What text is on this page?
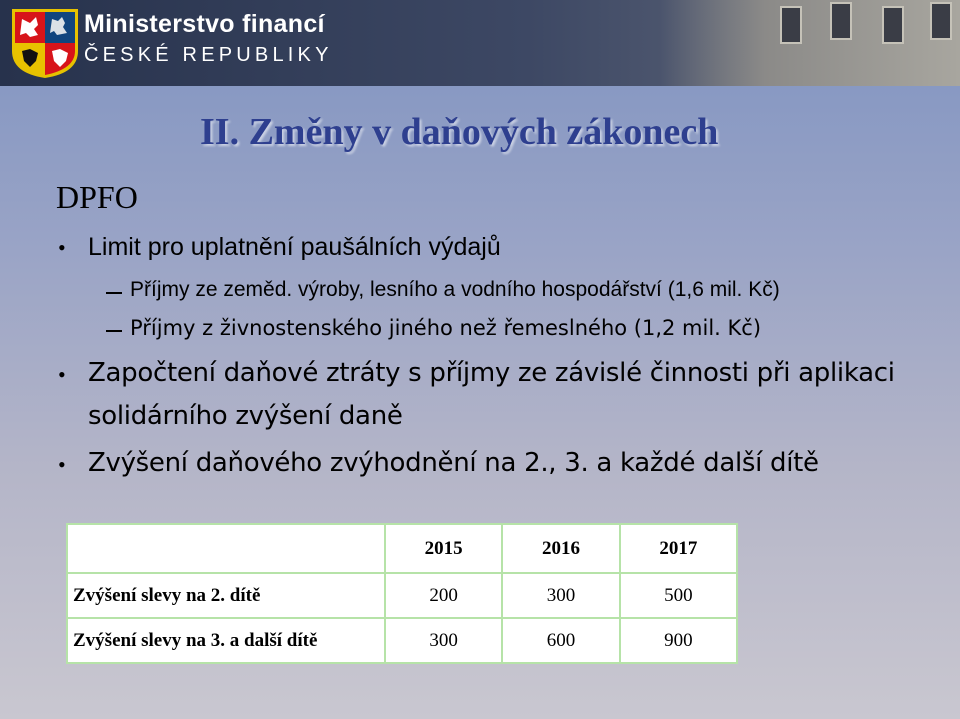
Ministerstvo financí
ČESKÉ REPUBLIKY
II. Změny v daňových zákonech
DPFO
• Limit pro uplatnění paušálních výdajů
Příjmy ze zeměd. výroby, lesního a vodního hospodářství (1,6 mil. Kč)
Příjmy z živnostenského jiného než řemeslného (1,2 mil. Kč)
• Započtení daňové ztráty s příjmy ze závislé činnosti při aplikaci
solidárního zvýšení daně
• Zvýšení daňového zvýhodnění na 2., 3. a každé další dítě
	2015	2016	2017
Zvýšení slevy na 2. dítě	200	300	500
Zvýšení slevy na 3. a další dítě	300	600	900
